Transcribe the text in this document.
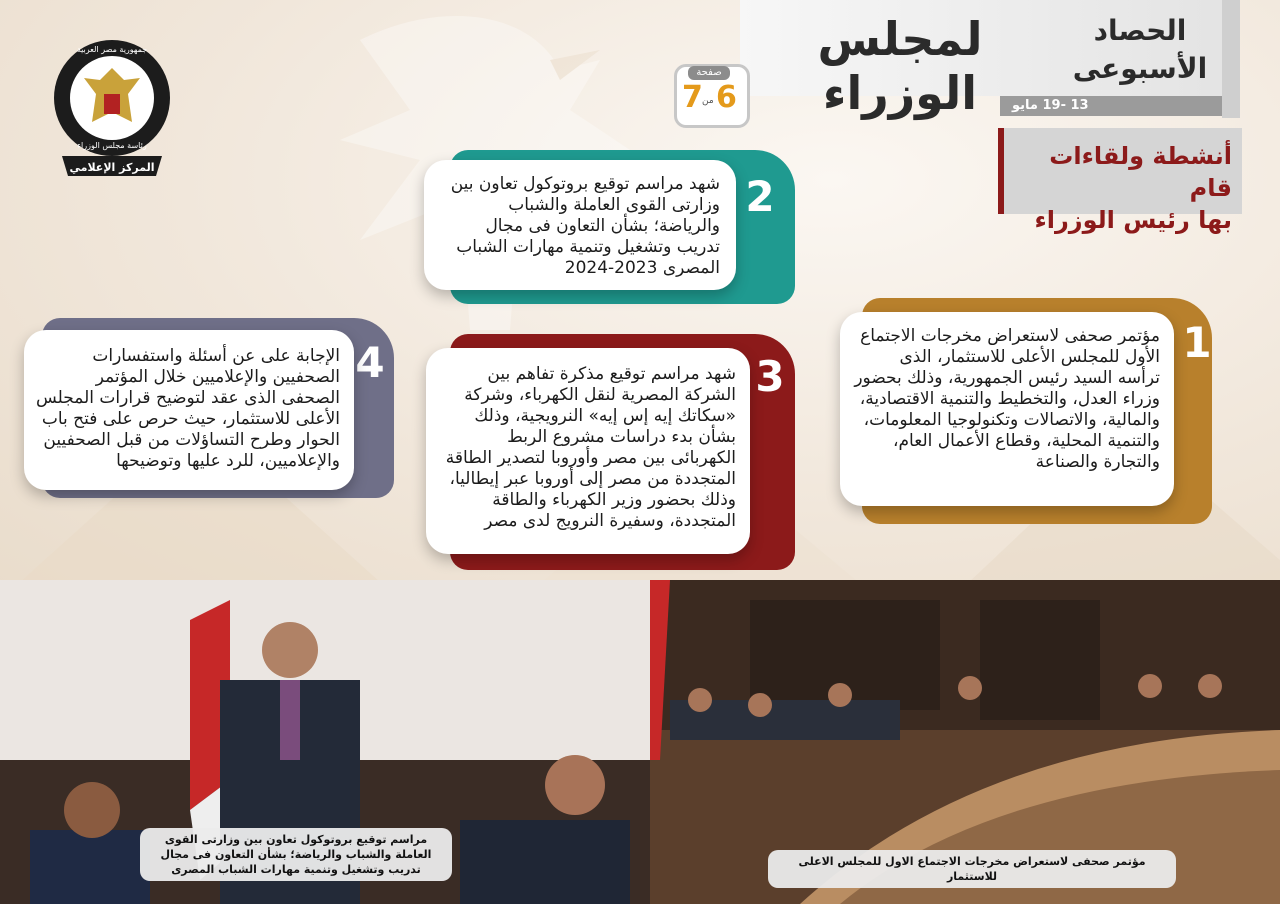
المركز الإعلامي
جمهورية مصر العربية
رئاسة مجلس الوزراء
لمجلس الوزراء
الحصاد
الأسبوعى
13 -19 مايو
صفحة
6
من
7
أنشطة ولقاءات قام
بها رئيس الوزراء
2
شهد مراسم توقيع بروتوكول تعاون بين وزارتى القوى العاملة والشباب والرياضة؛ بشأن التعاون فى مجال تدريب وتشغيل وتنمية مهارات الشباب المصرى 2023-2024
1
مؤتمر صحفى لاستعراض مخرجات الاجتماع الأول للمجلس الأعلى للاستثمار، الذى ترأسه السيد رئيس الجمهورية، وذلك بحضور وزراء العدل، والتخطيط والتنمية الاقتصادية، والمالية، والاتصالات وتكنولوجيا المعلومات، والتنمية المحلية، وقطاع الأعمال العام، والتجارة والصناعة
3
شهد مراسم توقيع مذكرة تفاهم بين الشركة المصرية لنقل الكهرباء، وشركة «سكاتك إيه إس إيه» النرويجية، وذلك بشأن بدء دراسات مشروع الربط الكهربائى بين مصر وأوروبا لتصدير الطاقة المتجددة من مصر إلى أوروبا عبر إيطاليا، وذلك بحضور وزير الكهرباء والطاقة المتجددة، وسفيرة النرويج لدى مصر
4
الإجابة على عن أسئلة واستفسارات الصحفيين والإعلاميين خلال المؤتمر الصحفى الذى عقد لتوضيح قرارات المجلس الأعلى للاستثمار، حيث حرص على فتح باب الحوار وطرح التساؤلات من قبل الصحفيين والإعلاميين، للرد عليها وتوضيحها
مراسم توقيع بروتوكول تعاون بين وزارتى القوى العاملة والشباب والرياضة؛ بشأن التعاون فى مجال تدريب وتشغيل وتنمية مهارات الشباب المصرى
مؤتمر صحفى لاستعراض مخرجات الاجتماع الاول للمجلس الاعلى للاستثمار
